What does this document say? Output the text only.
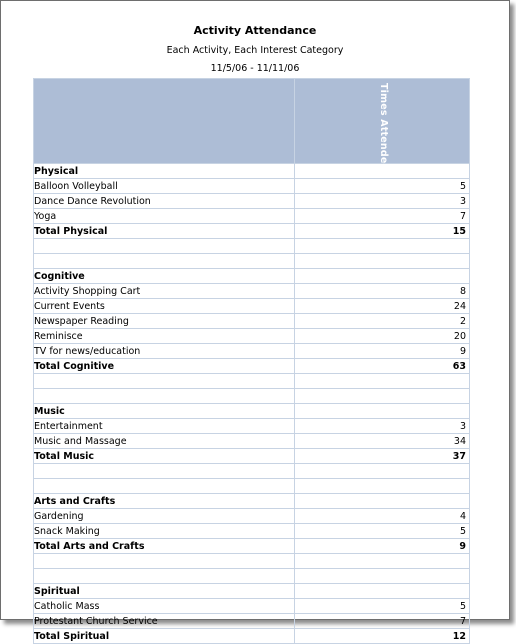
Activity Attendance
Each Activity, Each Interest Category
11/5/06 - 11/11/06

	Times Attended

Physical	
Balloon Volleyball	5
Dance Dance Revolution	3
Yoga	7
Total Physical	15

Cognitive	
Activity Shopping Cart	8
Current Events	24
Newspaper Reading	2
Reminisce	20
TV for news/education	9
Total Cognitive	63

Music	
Entertainment	3
Music and Massage	34
Total Music	37

Arts and Crafts	
Gardening	4
Snack Making	5
Total Arts and Crafts	9

Spiritual	
Catholic Mass	5
Protestant Church Service	7
Total Spiritual	12
